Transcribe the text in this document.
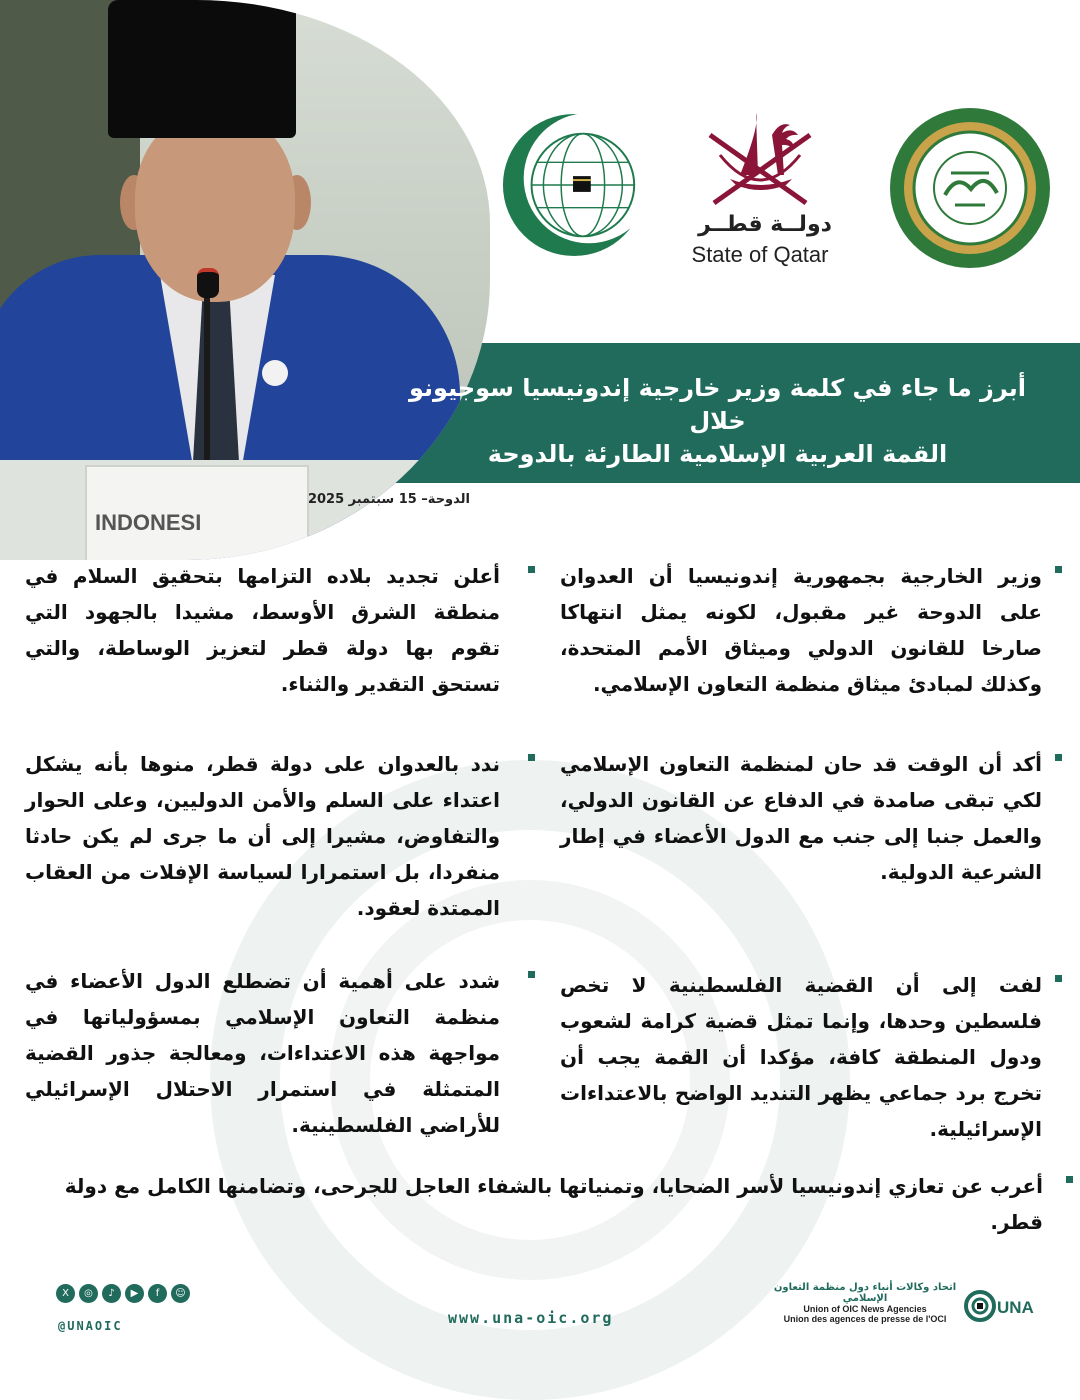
INDONESI
دولــة قطــر
State of Qatar
أبرز ما جاء في كلمة وزير خارجية إندونيسيا سوجيونو خلال
القمة العربية الإسلامية الطارئة بالدوحة
الدوحة– 15 سبتمبر 2025
وزير الخارجية بجمهورية إندونيسيا أن العدوان على الدوحة غير مقبول، لكونه يمثل انتهاكا صارخا للقانون الدولي وميثاق الأمم المتحدة، وكذلك لمبادئ ميثاق منظمة التعاون الإسلامي.
أكد أن الوقت قد حان لمنظمة التعاون الإسلامي لكي تبقى صامدة في الدفاع عن القانون الدولي، والعمل جنبا إلى جنب مع الدول الأعضاء في إطار الشرعية الدولية.
لفت إلى أن القضية الفلسطينية لا تخص فلسطين وحدها، وإنما تمثل قضية كرامة لشعوب ودول المنطقة كافة، مؤكدا أن القمة يجب أن تخرج برد جماعي يظهر التنديد الواضح بالاعتداءات الإسرائيلية.
أعلن تجديد بلاده التزامها بتحقيق السلام في منطقة الشرق الأوسط، مشيدا بالجهود التي تقوم بها دولة قطر لتعزيز الوساطة، والتي تستحق التقدير والثناء.
ندد بالعدوان على دولة قطر، منوها بأنه يشكل اعتداء على السلم والأمن الدوليين، وعلى الحوار والتفاوض، مشيرا إلى أن ما جرى لم يكن حادثا منفردا، بل استمرارا لسياسة الإفلات من العقاب الممتدة لعقود.
شدد على أهمية أن تضطلع الدول الأعضاء في منظمة التعاون الإسلامي بمسؤولياتها في مواجهة هذه الاعتداءات، ومعالجة جذور القضية المتمثلة في استمرار الاحتلال الإسرائيلي للأراضي الفلسطينية.
أعرب عن تعازي إندونيسيا لأسر الضحايا، وتمنياتها بالشفاء العاجل للجرحى، وتضامنها الكامل مع دولة قطر.
X	◎	♪	▶	f	☺
@UNAOIC	www.una-oic.org
اتحاد وكالات أنباء دول منظمة التعاون الإسلامي
Union of OIC News Agencies
Union des agences de presse de l'OCI
UNA
